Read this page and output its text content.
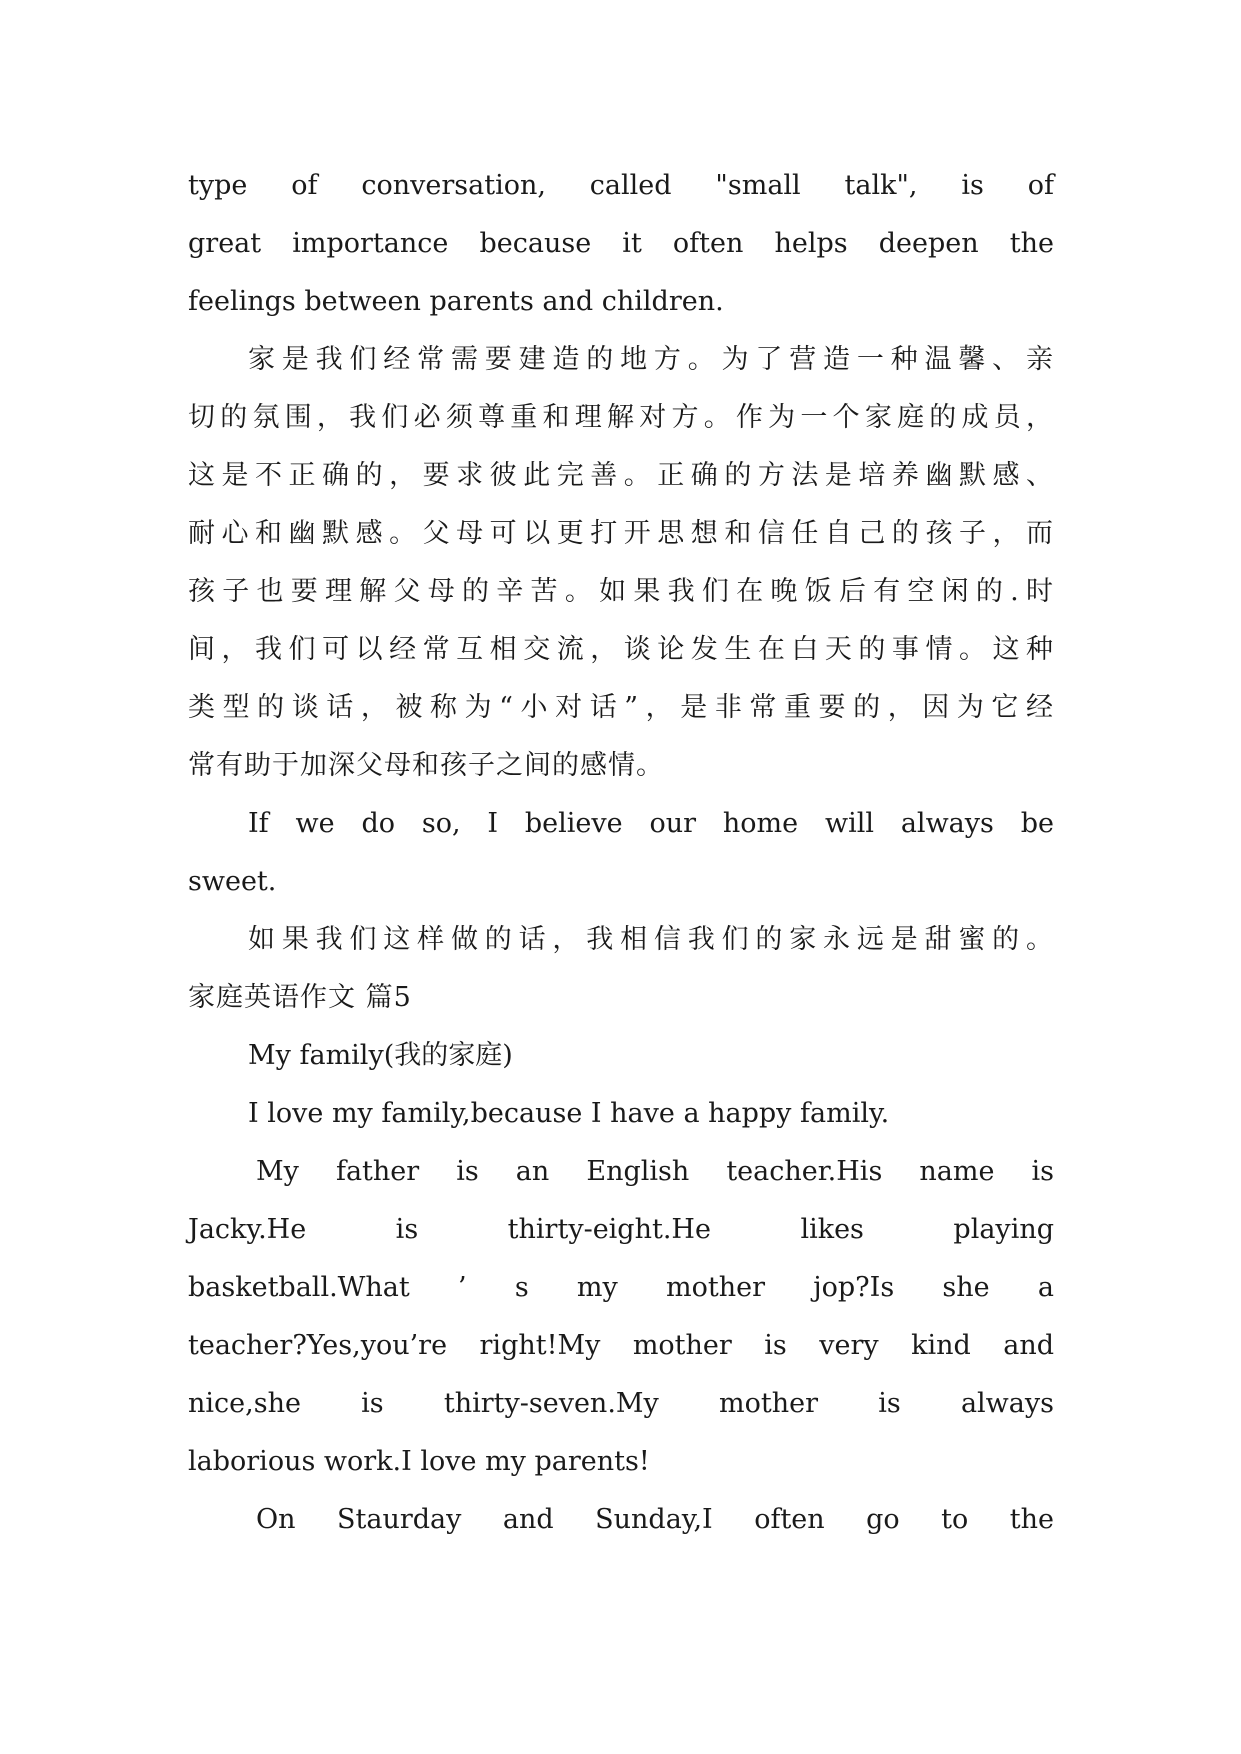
type of conversation, called "small talk", is of
great importance because it often helps deepen the
feelings between parents and children.
家是我们经常需要建造的地方。为了营造一种温馨、亲
切的氛围，我们必须尊重和理解对方。作为一个家庭的成员，
这是不正确的，要求彼此完善。正确的方法是培养幽默感、
耐心和幽默感。父母可以更打开思想和信任自己的孩子，而
孩子也要理解父母的辛苦。如果我们在晚饭后有空闲的.时
间，我们可以经常互相交流，谈论发生在白天的事情。这种
类型的谈话，被称为“小对话”，是非常重要的，因为它经
常有助于加深父母和孩子之间的感情。
If we do so, I believe our home will always be
sweet.
如果我们这样做的话，我相信我们的家永远是甜蜜的。
家庭英语作文 篇5
My family(我的家庭)
I love my family,because I have a happy family.
My father is an English teacher.His name is
Jacky.He is thirty-eight.He likes playing
basketball.What ’ s my mother jop?Is she a
teacher?Yes,you’re right!My mother is very kind and
nice,she is thirty-seven.My mother is always
laborious work.I love my parents!
On Staurday and Sunday,I often go to the
